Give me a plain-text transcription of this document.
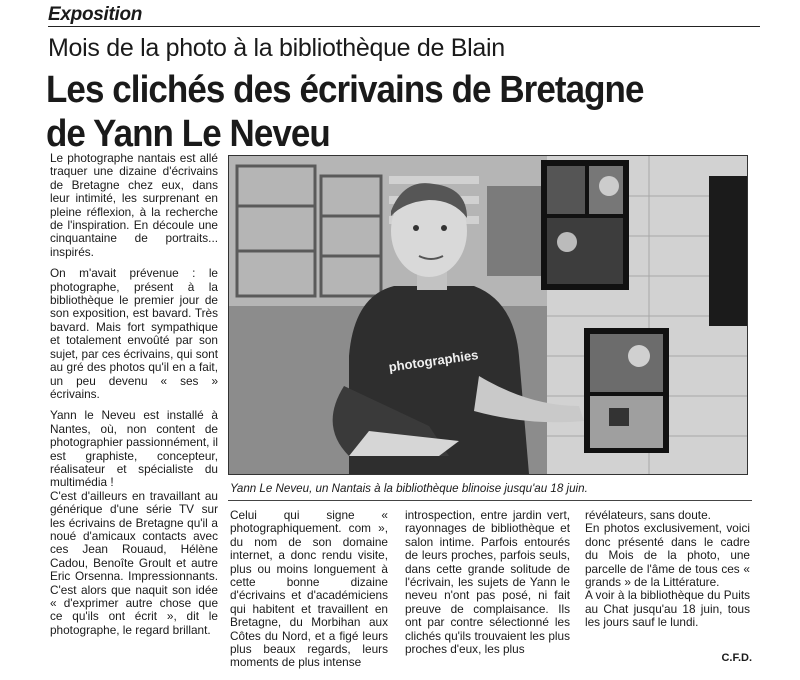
Exposition
Mois de la photo à la bibliothèque de Blain
Les clichés des écrivains de Bretagne
de Yann Le Neveu

Le photographe nantais est allé traquer une dizaine d'écrivains de Bretagne chez eux, dans leur intimité, les surprenant en pleine réflexion, à la recherche de l'inspiration. En découle une cinquantaine de portraits... inspirés.

On m'avait prévenue : le photographe, présent à la bibliothèque le premier jour de son exposition, est bavard. Très bavard. Mais fort sympathique et totalement envoûté par son sujet, par ces écrivains, qui sont au gré des photos qu'il en a fait, un peu devenu « ses » écrivains.

Yann le Neveu est installé à Nantes, où, non content de photographier passionnément, il est graphiste, concepteur, réalisateur et spécialiste du multimédia !

C'est d'ailleurs en travaillant au générique d'une série TV sur les écrivains de Bretagne qu'il a noué d'amicaux contacts avec ces Jean Rouaud, Hélène Cadou, Benoîte Groult et autre Eric Orsenna. Impressionnants. C'est alors que naquit son idée « d'exprimer autre chose que ce qu'ils ont écrit », dit le photographe, le regard brillant.

photographies
Yann Le Neveu, un Nantais à la bibliothèque blinoise jusqu'au 18 juin.

Celui qui signe « photographiquement. com », du nom de son domaine internet, a donc rendu visite, plus ou moins longuement à cette bonne dizaine d'écrivains et d'académiciens qui habitent et travaillent en Bretagne, du Morbihan aux Côtes du Nord, et a figé leurs plus beaux regards, leurs moments de plus intense

introspection, entre jardin vert, rayonnages de bibliothèque et salon intime. Parfois entourés de leurs proches, parfois seuls, dans cette grande solitude de l'écrivain, les sujets de Yann le neveu n'ont pas posé, ni fait preuve de complaisance. Ils ont par contre sélectionné les clichés qu'ils trouvaient les plus proches d'eux, les plus

révélateurs, sans doute.

En photos exclusivement, voici donc présenté dans le cadre du Mois de la photo, une parcelle de l'âme de tous ces « grands » de la Littérature.

A voir à la bibliothèque du Puits au Chat jusqu'au 18 juin, tous les jours sauf le lundi.

C.F.D.
